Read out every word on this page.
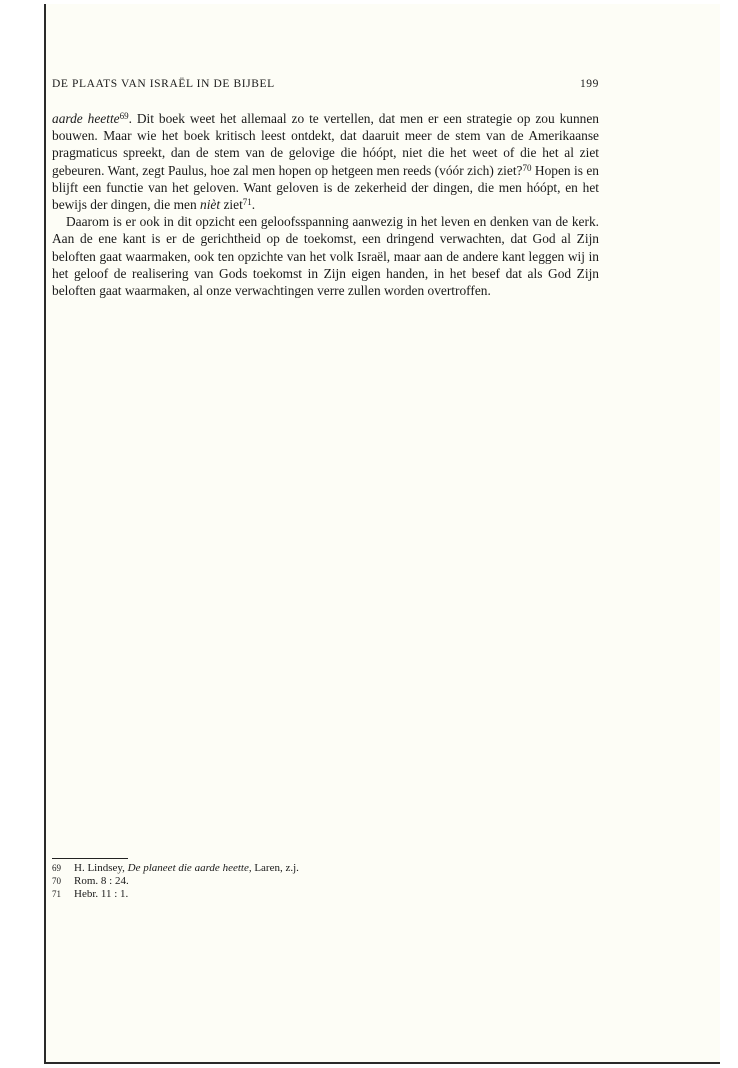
DE PLAATS VAN ISRAËL IN DE BIJBEL	199

aarde heette$^{69}$. Dit boek weet het allemaal zo te vertellen, dat men er een strategie op zou kunnen bouwen. Maar wie het boek kritisch leest ontdekt, dat daaruit meer de stem van de Amerikaanse pragmaticus spreekt, dan de stem van de gelovige die hóópt, niet die het weet of die het al ziet gebeuren. Want, zegt Paulus, hoe zal men hopen op hetgeen men reeds (vóór zich) ziet?$^{70}$ Hopen is en blijft een functie van het geloven. Want geloven is de zekerheid der dingen, die men hóópt, en het bewijs der dingen, die men nièt ziet$^{71}$.

Daarom is er ook in dit opzicht een geloofsspanning aanwezig in het leven en denken van de kerk. Aan de ene kant is er de gerichtheid op de toekomst, een dringend verwachten, dat God al Zijn beloften gaat waarmaken, ook ten opzichte van het volk Israël, maar aan de andere kant leggen wij in het geloof de realisering van Gods toekomst in Zijn eigen handen, in het besef dat als God Zijn beloften gaat waarmaken, al onze verwachtingen verre zullen worden overtroffen.

69	H. Lindsey, De planeet die aarde heette, Laren, z.j.
70	Rom. 8 : 24.
71	Hebr. 11 : 1.
